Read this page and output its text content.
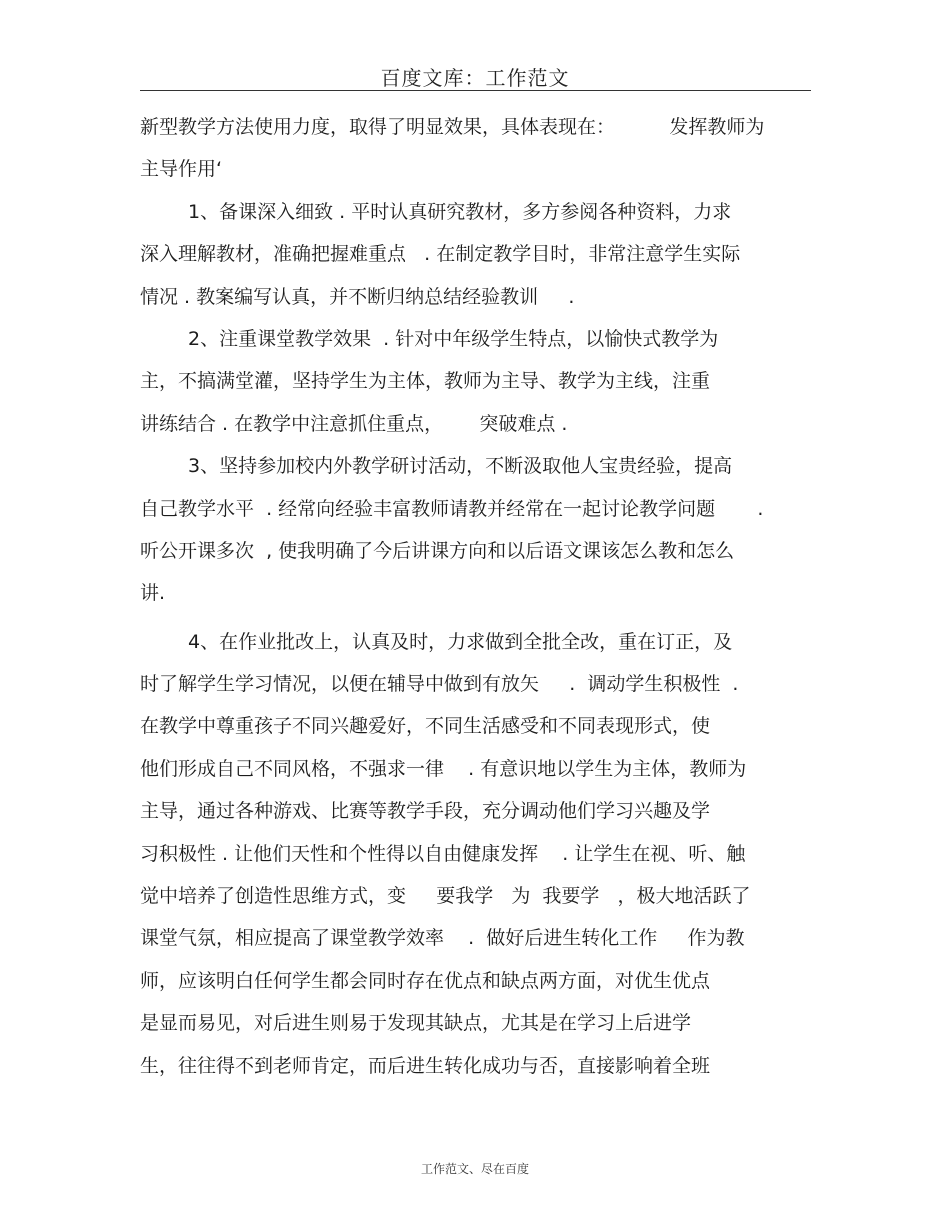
百度文库：工作范文
新型教学方法使用力度，取得了明显效果，具体表现在：         发挥教师为
主导作用‘
1、备课深入细致 . 平时认真研究教材，多方参阅各种资料，力求
深入理解教材，准确把握难重点   . 在制定教学目时，非常注意学生实际
情况 . 教案编写认真，并不断归纳总结经验教训     .
2、注重课堂教学效果  . 针对中年级学生特点，以愉快式教学为
主，不搞满堂灌，坚持学生为主体，教师为主导、教学为主线，注重
讲练结合 . 在教学中注意抓住重点，      突破难点 .
3、坚持参加校内外教学研讨活动，不断汲取他人宝贵经验，提高
自己教学水平  . 经常向经验丰富教师请教并经常在一起讨论教学问题       .
听公开课多次  , 使我明确了今后讲课方向和以后语文课该怎么教和怎么
讲.
4、在作业批改上，认真及时，力求做到全批全改，重在订正，及
时了解学生学习情况，以便在辅导中做到有放矢     .  调动学生积极性  .
在教学中尊重孩子不同兴趣爱好，不同生活感受和不同表现形式，使
他们形成自己不同风格，不强求一律    . 有意识地以学生为主体，教师为
主导，通过各种游戏、比赛等教学手段，充分调动他们学习兴趣及学
习积极性 . 让他们天性和个性得以自由健康发挥    . 让学生在视、听、触
觉中培养了创造性思维方式，变     要我学   为  我要学   ，极大地活跃了
课堂气氛，相应提高了课堂教学效率    .  做好后进生转化工作     作为教
师，应该明白任何学生都会同时存在优点和缺点两方面，对优生优点
是显而易见，对后进生则易于发现其缺点，尤其是在学习上后进学
生，往往得不到老师肯定，而后进生转化成功与否，直接影响着全班
工作范文、尽在百度
